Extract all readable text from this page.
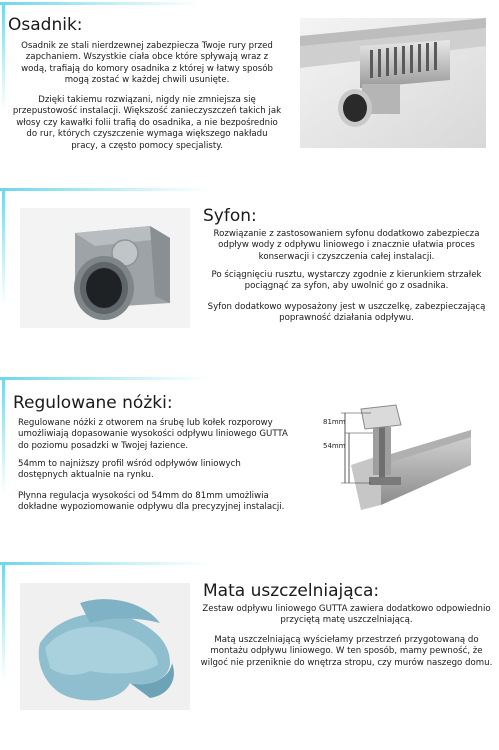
Osadnik:

Osadnik ze stali nierdzewnej zabezpiecza Twoje rury przed zapchaniem. Wszystkie ciała obce które spływają wraz z wodą, trafiają do komory osadnika z której w łatwy sposób mogą zostać w każdej chwili usunięte.

Dzięki takiemu rozwiązani, nigdy nie zmniejsza się przepustowość instalacji. Większość zanieczyszczeń takich jak włosy czy kawałki folii trafią do osadnika, a nie bezpośrednio do rur, których czyszczenie wymaga większego nakładu pracy, a często pomocy specjalisty.

Syfon:

Rozwiązanie z zastosowaniem syfonu dodatkowo zabezpiecza odpływ wody z odpływu liniowego i znacznie ułatwia proces konserwacji i czyszczenia całej instalacji.

Po ściągnięciu rusztu, wystarczy zgodnie z kierunkiem strzałek pociągnąć za syfon, aby uwolnić go z osadnika.

Syfon dodatkowo wyposażony jest w uszczelkę, zabezpieczającą poprawność działania odpływu.

Regulowane nóżki:

Regulowane nóżki z otworem na śrubę lub kołek rozporowy umożliwiają dopasowanie wysokości odpływu liniowego GUTTA do poziomu posadzki w Twojej łazience.

54mm to najniższy profil wśród odpływów liniowych dostępnych aktualnie na rynku.

Płynna regulacja wysokości od 54mm do 81mm umożliwia dokładne wypoziomowanie odpływu dla precyzyjnej instalacji.

81mm
54mm
Mata uszczelniająca:

Zestaw odpływu liniowego GUTTA zawiera dodatkowo odpowiednio przyciętą matę uszczelniającą.

Matą uszczelniającą wyściełamy przestrzeń przygotowaną do montażu odpływu liniowego. W ten sposób, mamy pewność, że wilgoć nie przeniknie do wnętrza stropu, czy murów naszego domu.
